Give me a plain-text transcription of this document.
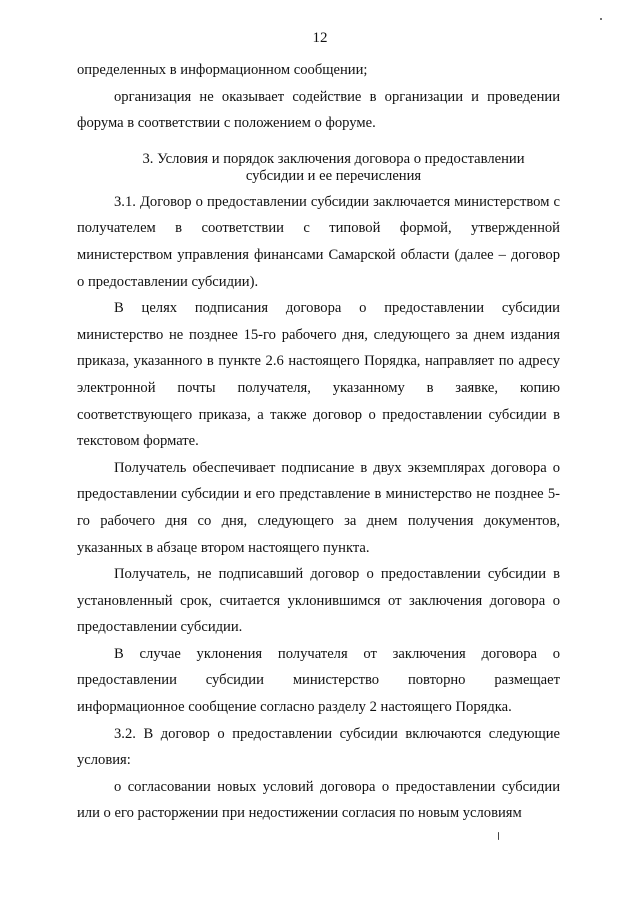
12

определенных в информационном сообщении;

организация не оказывает содействие в организации и проведении форума в соответствии с положением о форуме.

3. Условия и порядок заключения договора о предоставлении субсидии и ее перечисления

3.1. Договор о предоставлении субсидии заключается министерством с получателем в соответствии с типовой формой, утвержденной министерством управления финансами Самарской области (далее – договор о предоставлении субсидии).

В целях подписания договора о предоставлении субсидии министерство не позднее 15-го рабочего дня, следующего за днем издания приказа, указанного в пункте 2.6 настоящего Порядка, направляет по адресу электронной почты получателя, указанному в заявке, копию соответствующего приказа, а также договор о предоставлении субсидии в текстовом формате.

Получатель обеспечивает подписание в двух экземплярах договора о предоставлении субсидии и его представление в министерство не позднее 5-го рабочего дня со дня, следующего за днем получения документов, указанных в абзаце втором настоящего пункта.

Получатель, не подписавший договор о предоставлении субсидии в установленный срок, считается уклонившимся от заключения договора о предоставлении субсидии.

В случае уклонения получателя от заключения договора о предоставлении субсидии министерство повторно размещает информационное сообщение согласно разделу 2 настоящего Порядка.

3.2. В договор о предоставлении субсидии включаются следующие условия:

о согласовании новых условий договора о предоставлении субсидии или о его расторжении при недостижении согласия по новым условиям
